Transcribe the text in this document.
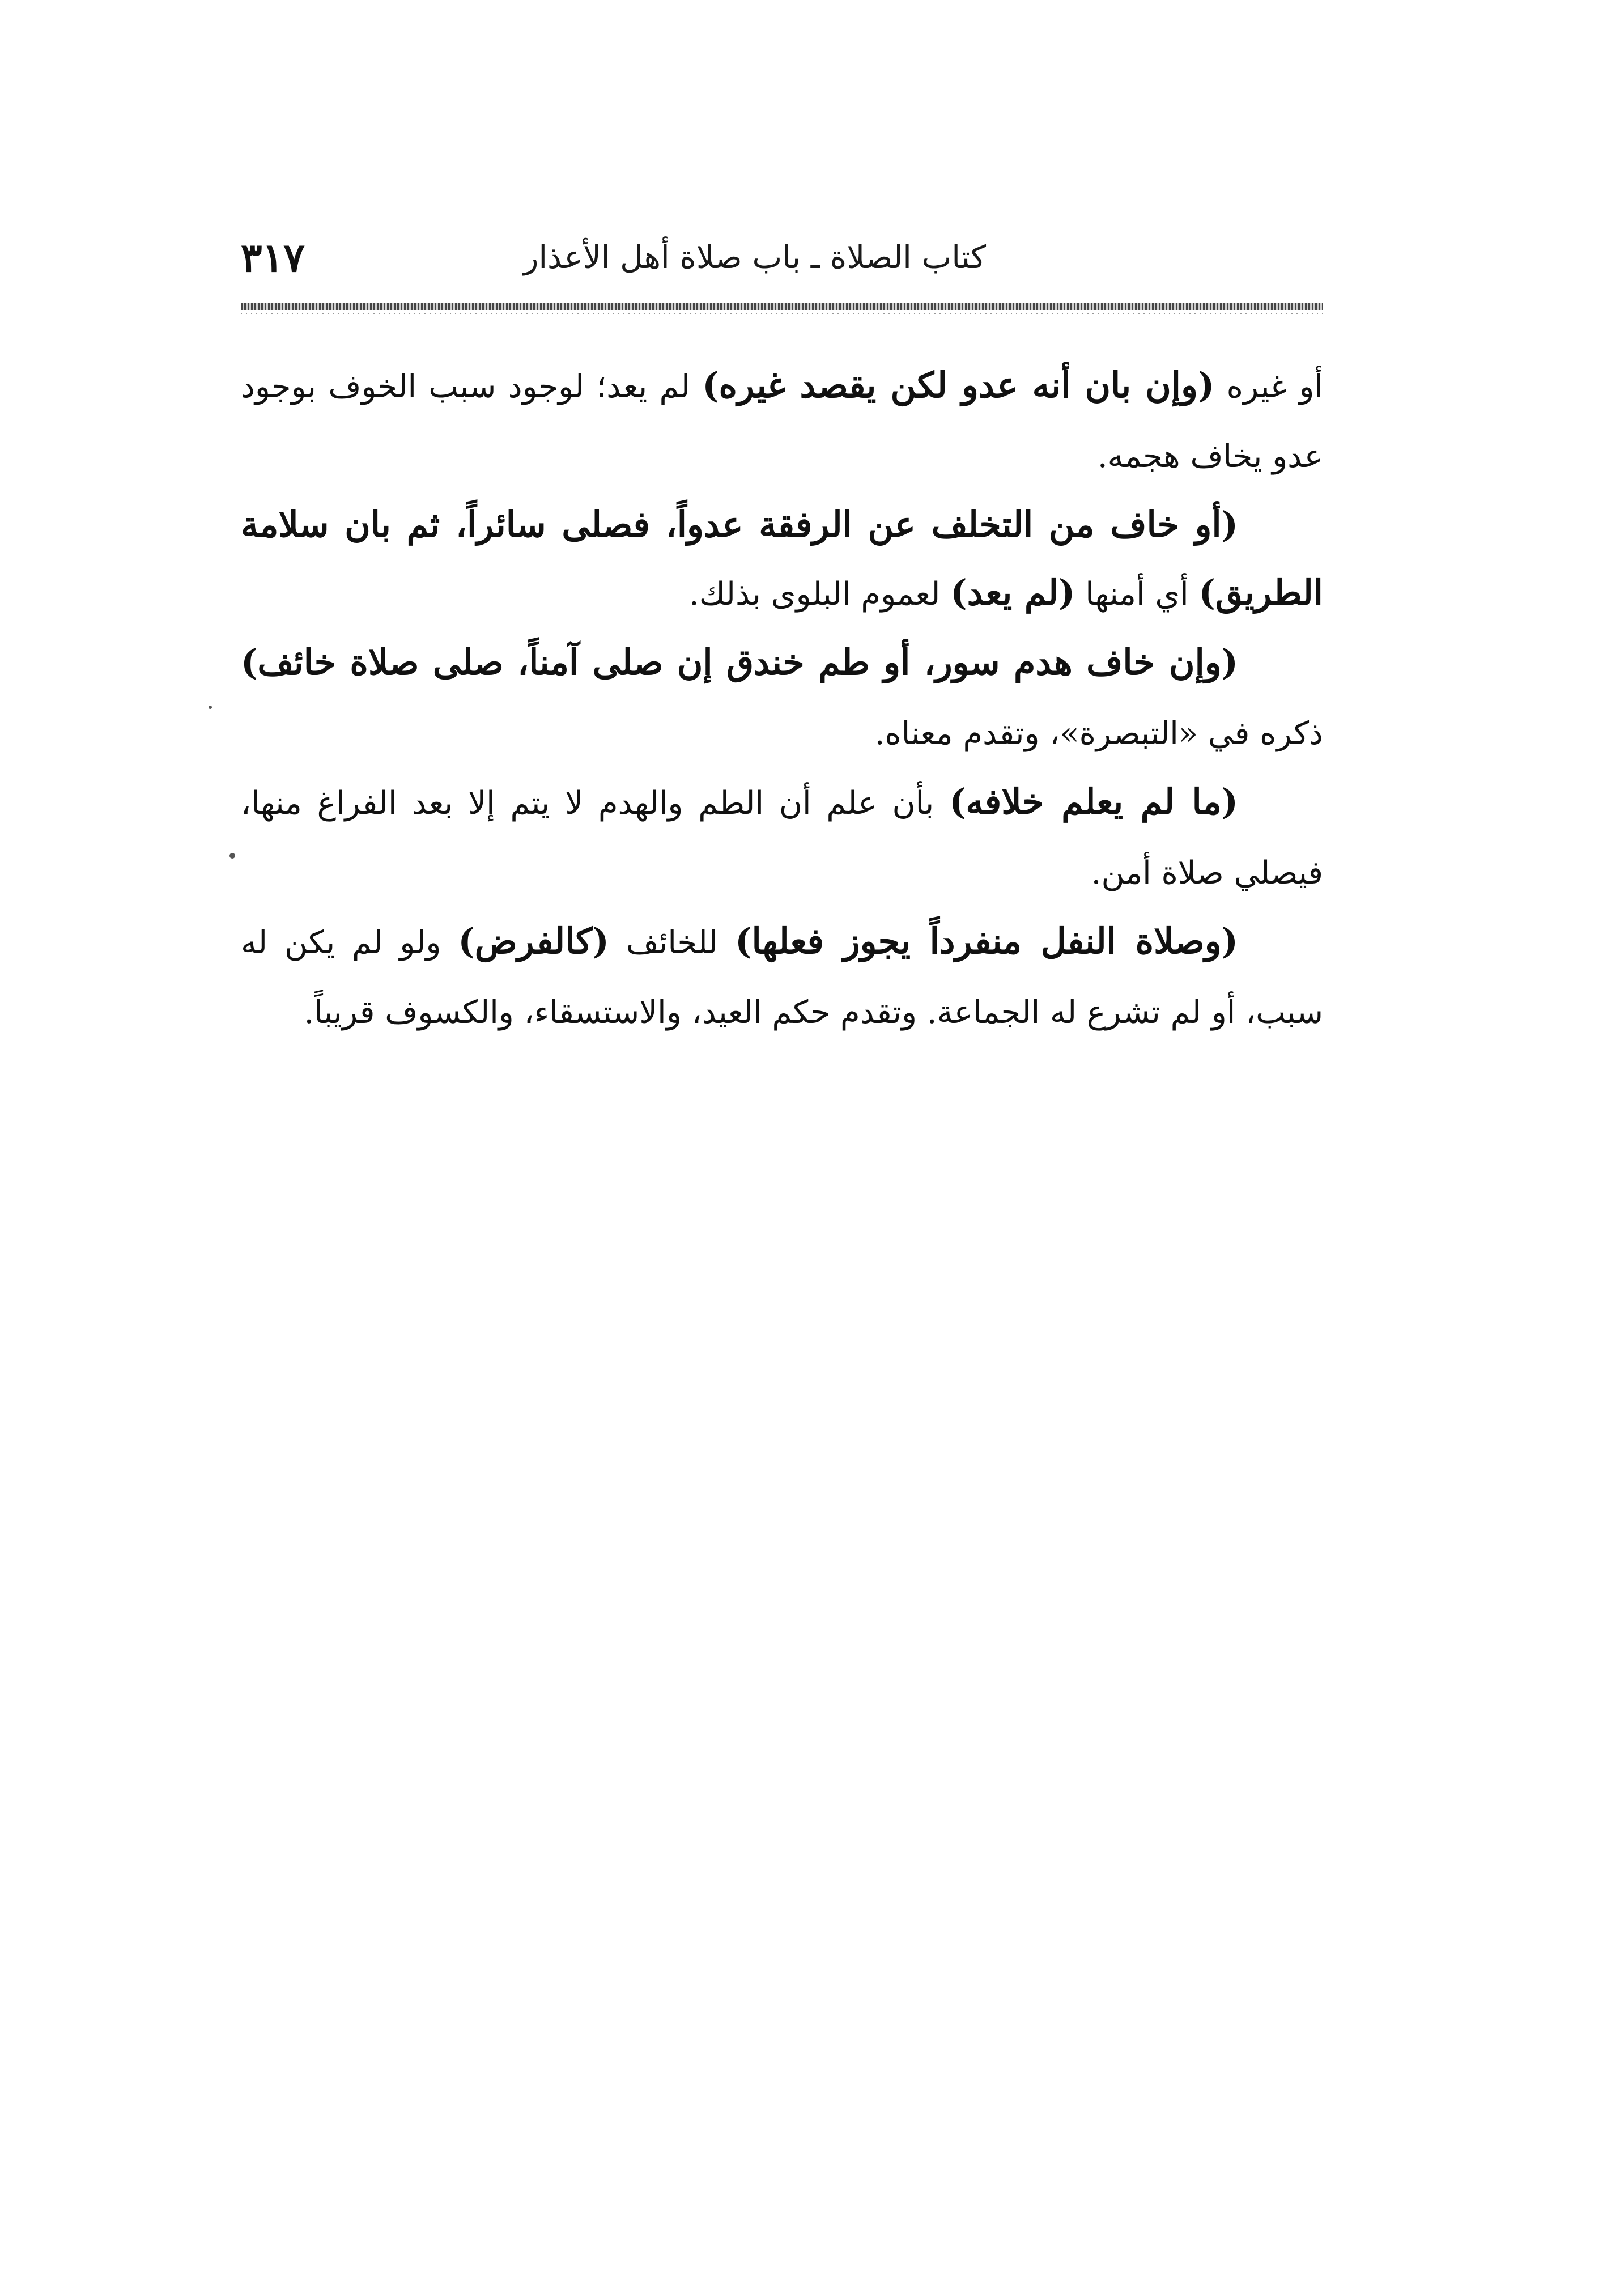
كتاب الصلاة ـ باب صلاة أهل الأعذار
٣١٧

أو غيره (وإن بان أنه عدو لكن يقصد غيره) لم يعد؛ لوجود سبب الخوف بوجود عدو يخاف هجمه.

(أو خاف من التخلف عن الرفقة عدواً، فصلى سائراً، ثم بان سلامة الطريق) أي أمنها (لم يعد) لعموم البلوى بذلك.

(وإن خاف هدم سور، أو طم خندق إن صلى آمناً، صلى صلاة خائف) ذكره في «التبصرة»، وتقدم معناه.

(ما لم يعلم خلافه) بأن علم أن الطم والهدم لا يتم إلا بعد الفراغ منها، فيصلي صلاة أمن.

(وصلاة النفل منفرداً يجوز فعلها) للخائف (كالفرض) ولو لم يكن له سبب، أو لم تشرع له الجماعة. وتقدم حكم العيد، والاستسقاء، والكسوف قريباً.
